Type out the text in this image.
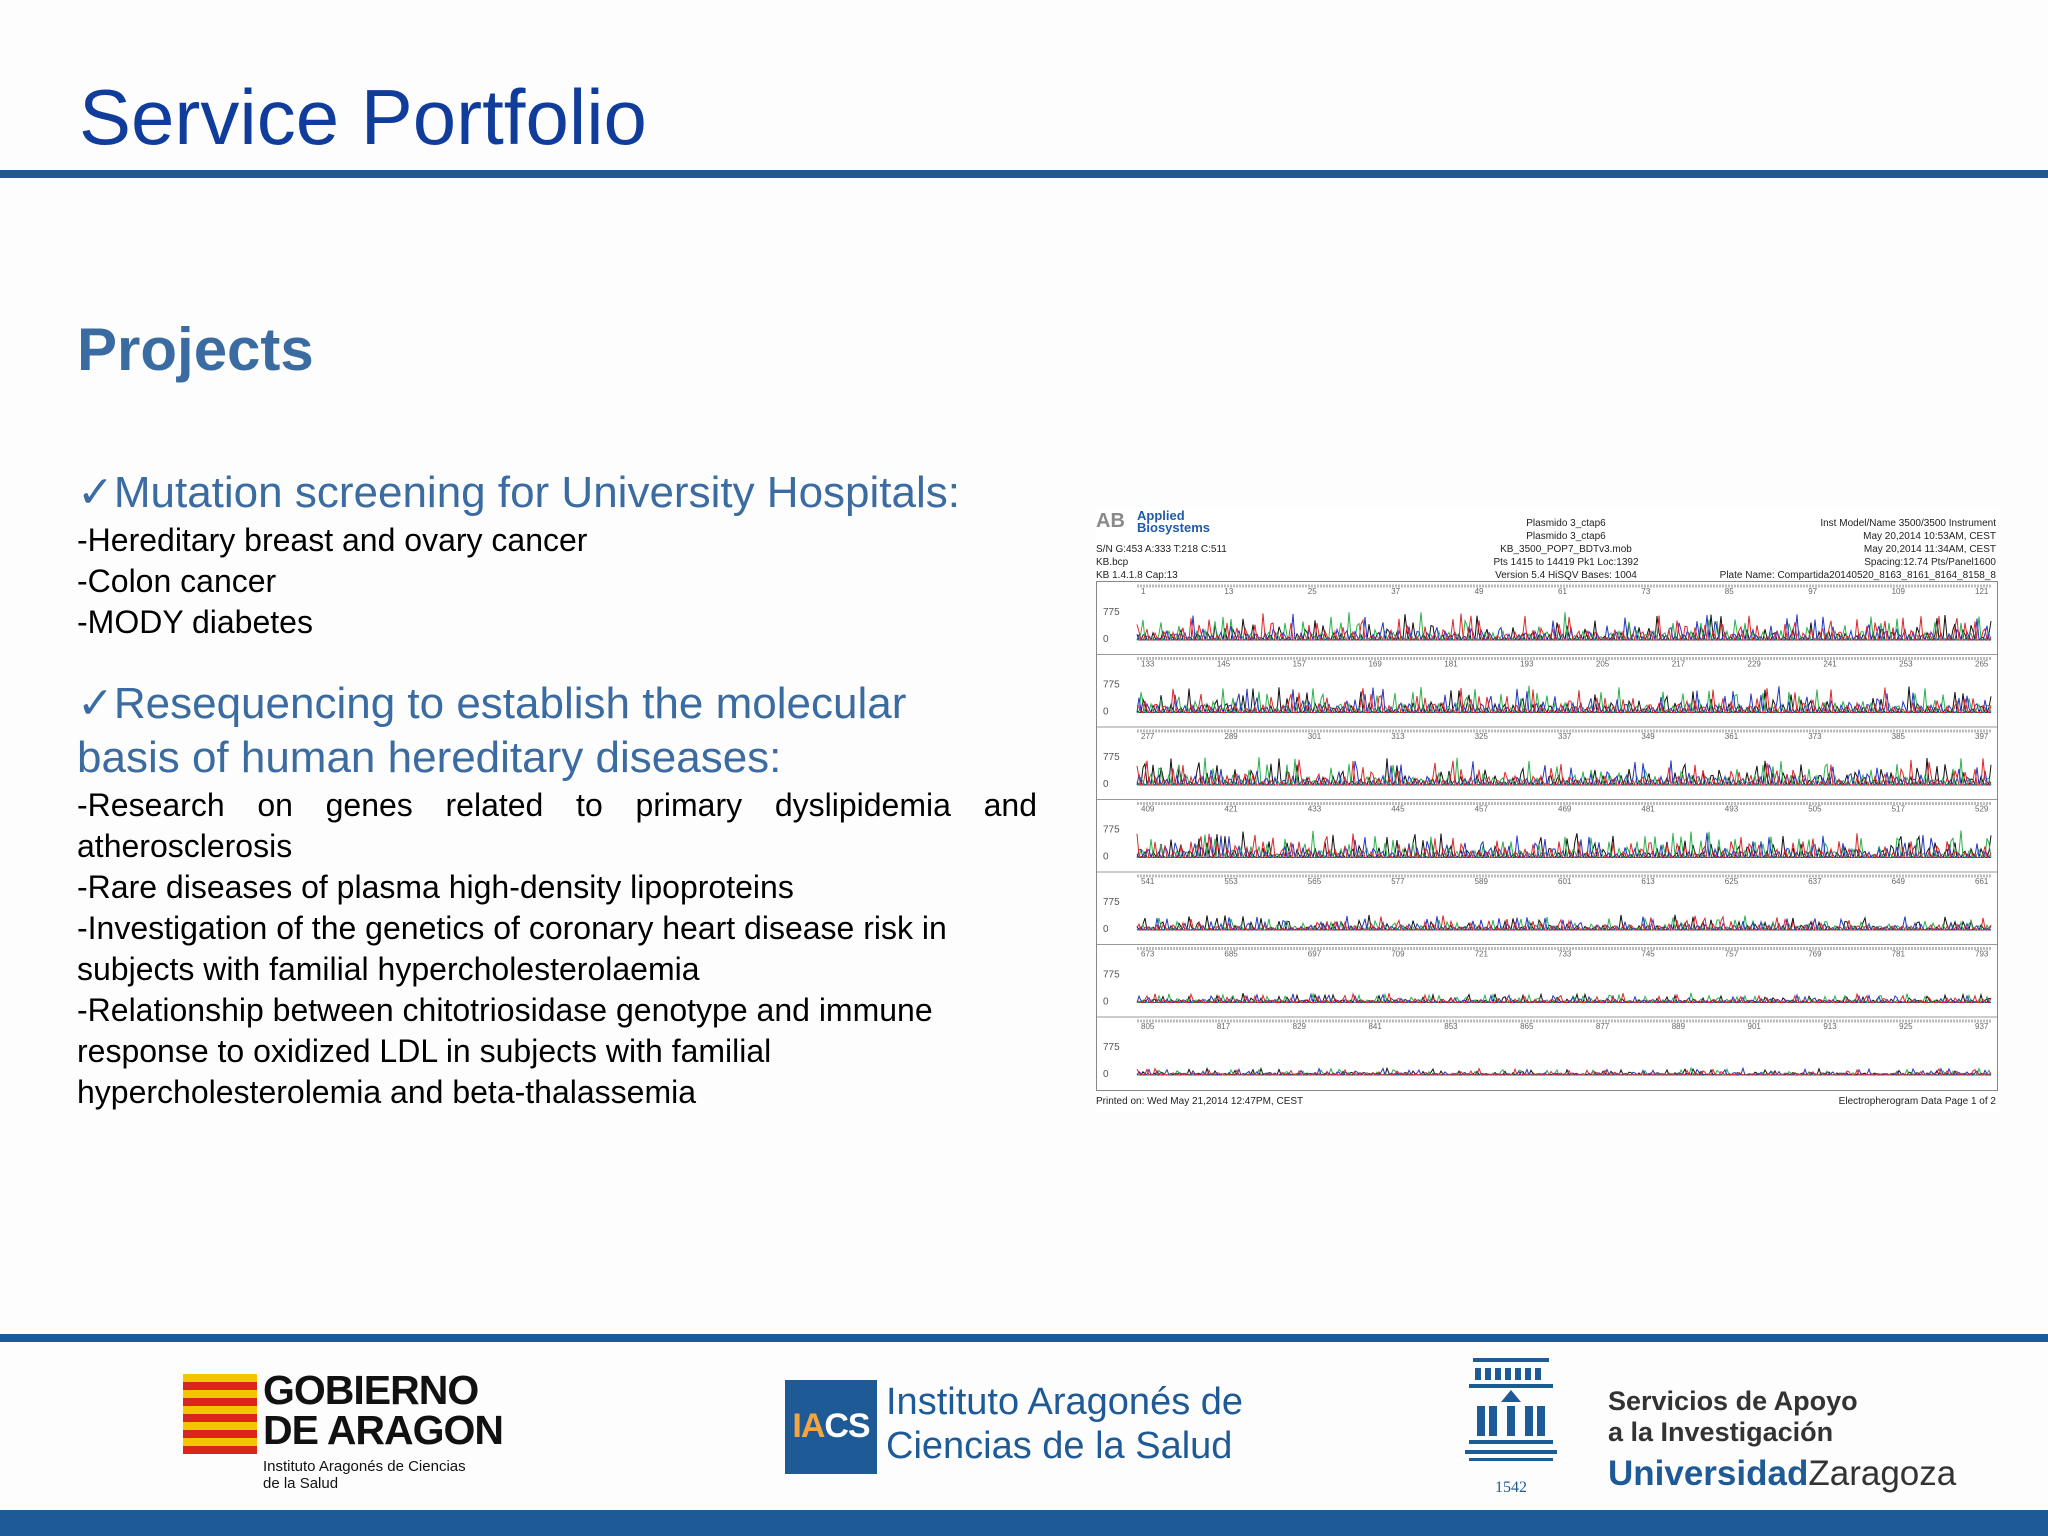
Service Portfolio
Projects

✓Mutation screening for University Hospitals:

-Hereditary breast and ovary cancer

-Colon cancer

-MODY diabetes

✓Resequencing to establish the molecular

basis of human hereditary diseases:

-Research on genes related to primary dyslipidemia and

atherosclerosis

-Rare diseases of plasma high-density lipoproteins

-Investigation of the genetics of coronary heart disease risk in

subjects with familial hypercholesterolaemia

-Relationship between chitotriosidase genotype and immune

response to oxidized LDL in subjects with familial

hypercholesterolemia and beta-thalassemia

AB Applied Biosystems
S/N G:453 A:333 T:218 C:511
KB.bcp
KB 1.4.1.8 Cap:13
Plasmido 3_ctap6
Plasmido 3_ctap6
KB_3500_POP7_BDTv3.mob
Pts 1415 to 14419 Pk1 Loc:1392
Version 5.4 HiSQV Bases: 1004
Inst Model/Name 3500/3500 Instrument
May 20,2014 10:53AM, CEST
May 20,2014 11:34AM, CEST
Spacing:12.74 Pts/Panel1600
Plate Name: Compartida20140520_8163_8161_8164_8158_8
1	13	25	37	49	61	73	85	97	109	121
775
0
133	145	157	169	181	193	205	217	229	241	253	265
775
0
277	289	301	313	325	337	349	361	373	385	397
775
0
409	421	433	445	457	469	481	493	505	517	529
775
0
541	553	565	577	589	601	613	625	637	649	661
775
0
673	685	697	709	721	733	745	757	769	781	793
775
0
805	817	829	841	853	865	877	889	901	913	925	937
775
0
Printed on: Wed May 21,2014 12:47PM, CEST	Electropherogram Data Page 1 of 2
GOBIERNO
DE ARAGON
Instituto Aragonés de Ciencias
de la Salud
IACS
Instituto Aragonés de
Ciencias de la Salud
1542
Servicios de Apoyo
a la Investigación
UniversidadZaragoza
